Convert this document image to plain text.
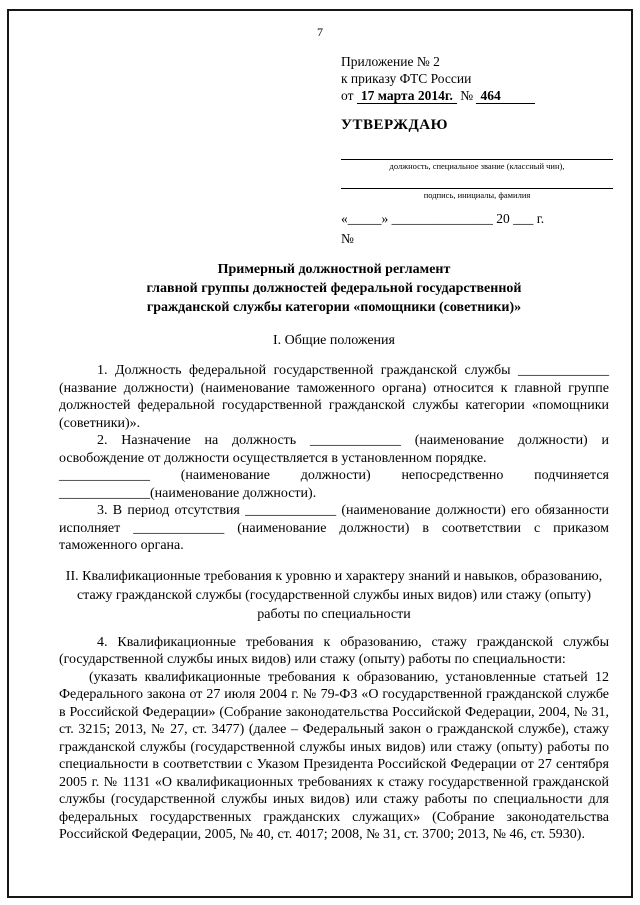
7
Приложение № 2
к приказу ФТС России
от 17 марта 2014г. № 464
УТВЕРЖДАЮ
должность, специальное звание (классный чин),
подпись, инициалы, фамилия
«_____» _______________ 20 ___ г.
№
Примерный должностной регламент
главной группы должностей федеральной государственной
гражданской службы категории «помощники (советники)»
I. Общие положения

1. Должность федеральной государственной гражданской службы _____________ (название должности) (наименование таможенного органа) относится к главной группе должностей федеральной государственной гражданской службы категории «помощники (советники)».

2. Назначение на должность _____________ (наименование должности) и освобождение от должности осуществляется в установленном порядке.

_____________ (наименование должности) непосредственно подчиняется _____________(наименование должности).

3. В период отсутствия _____________ (наименование должности) его обязанности исполняет _____________ (наименование должности) в соответствии с приказом таможенного органа.

II. Квалификационные требования к уровню и характеру знаний и навыков, образованию, стажу гражданской службы (государственной службы иных видов) или стажу (опыту) работы по специальности

4. Квалификационные требования к образованию, стажу гражданской службы (государственной службы иных видов) или стажу (опыту) работы по специальности:

(указать квалификационные требования к образованию, установленные статьей 12 Федерального закона от 27 июля 2004 г. № 79-ФЗ «О государственной гражданской службе в Российской Федерации» (Собрание законодательства Российской Федерации, 2004, № 31, ст. 3215; 2013, № 27, ст. 3477) (далее – Федеральный закон о гражданской службе), стажу гражданской службы (государственной службы иных видов) или стажу (опыту) работы по специальности в соответствии с Указом Президента Российской Федерации от 27 сентября 2005 г. № 1131 «О квалификационных требованиях к стажу государственной гражданской службы (государственной службы иных видов) или стажу работы по специальности для федеральных государственных гражданских служащих» (Собрание законодательства Российской Федерации, 2005, № 40, ст. 4017; 2008, № 31, ст. 3700; 2013, № 46, ст. 5930).
